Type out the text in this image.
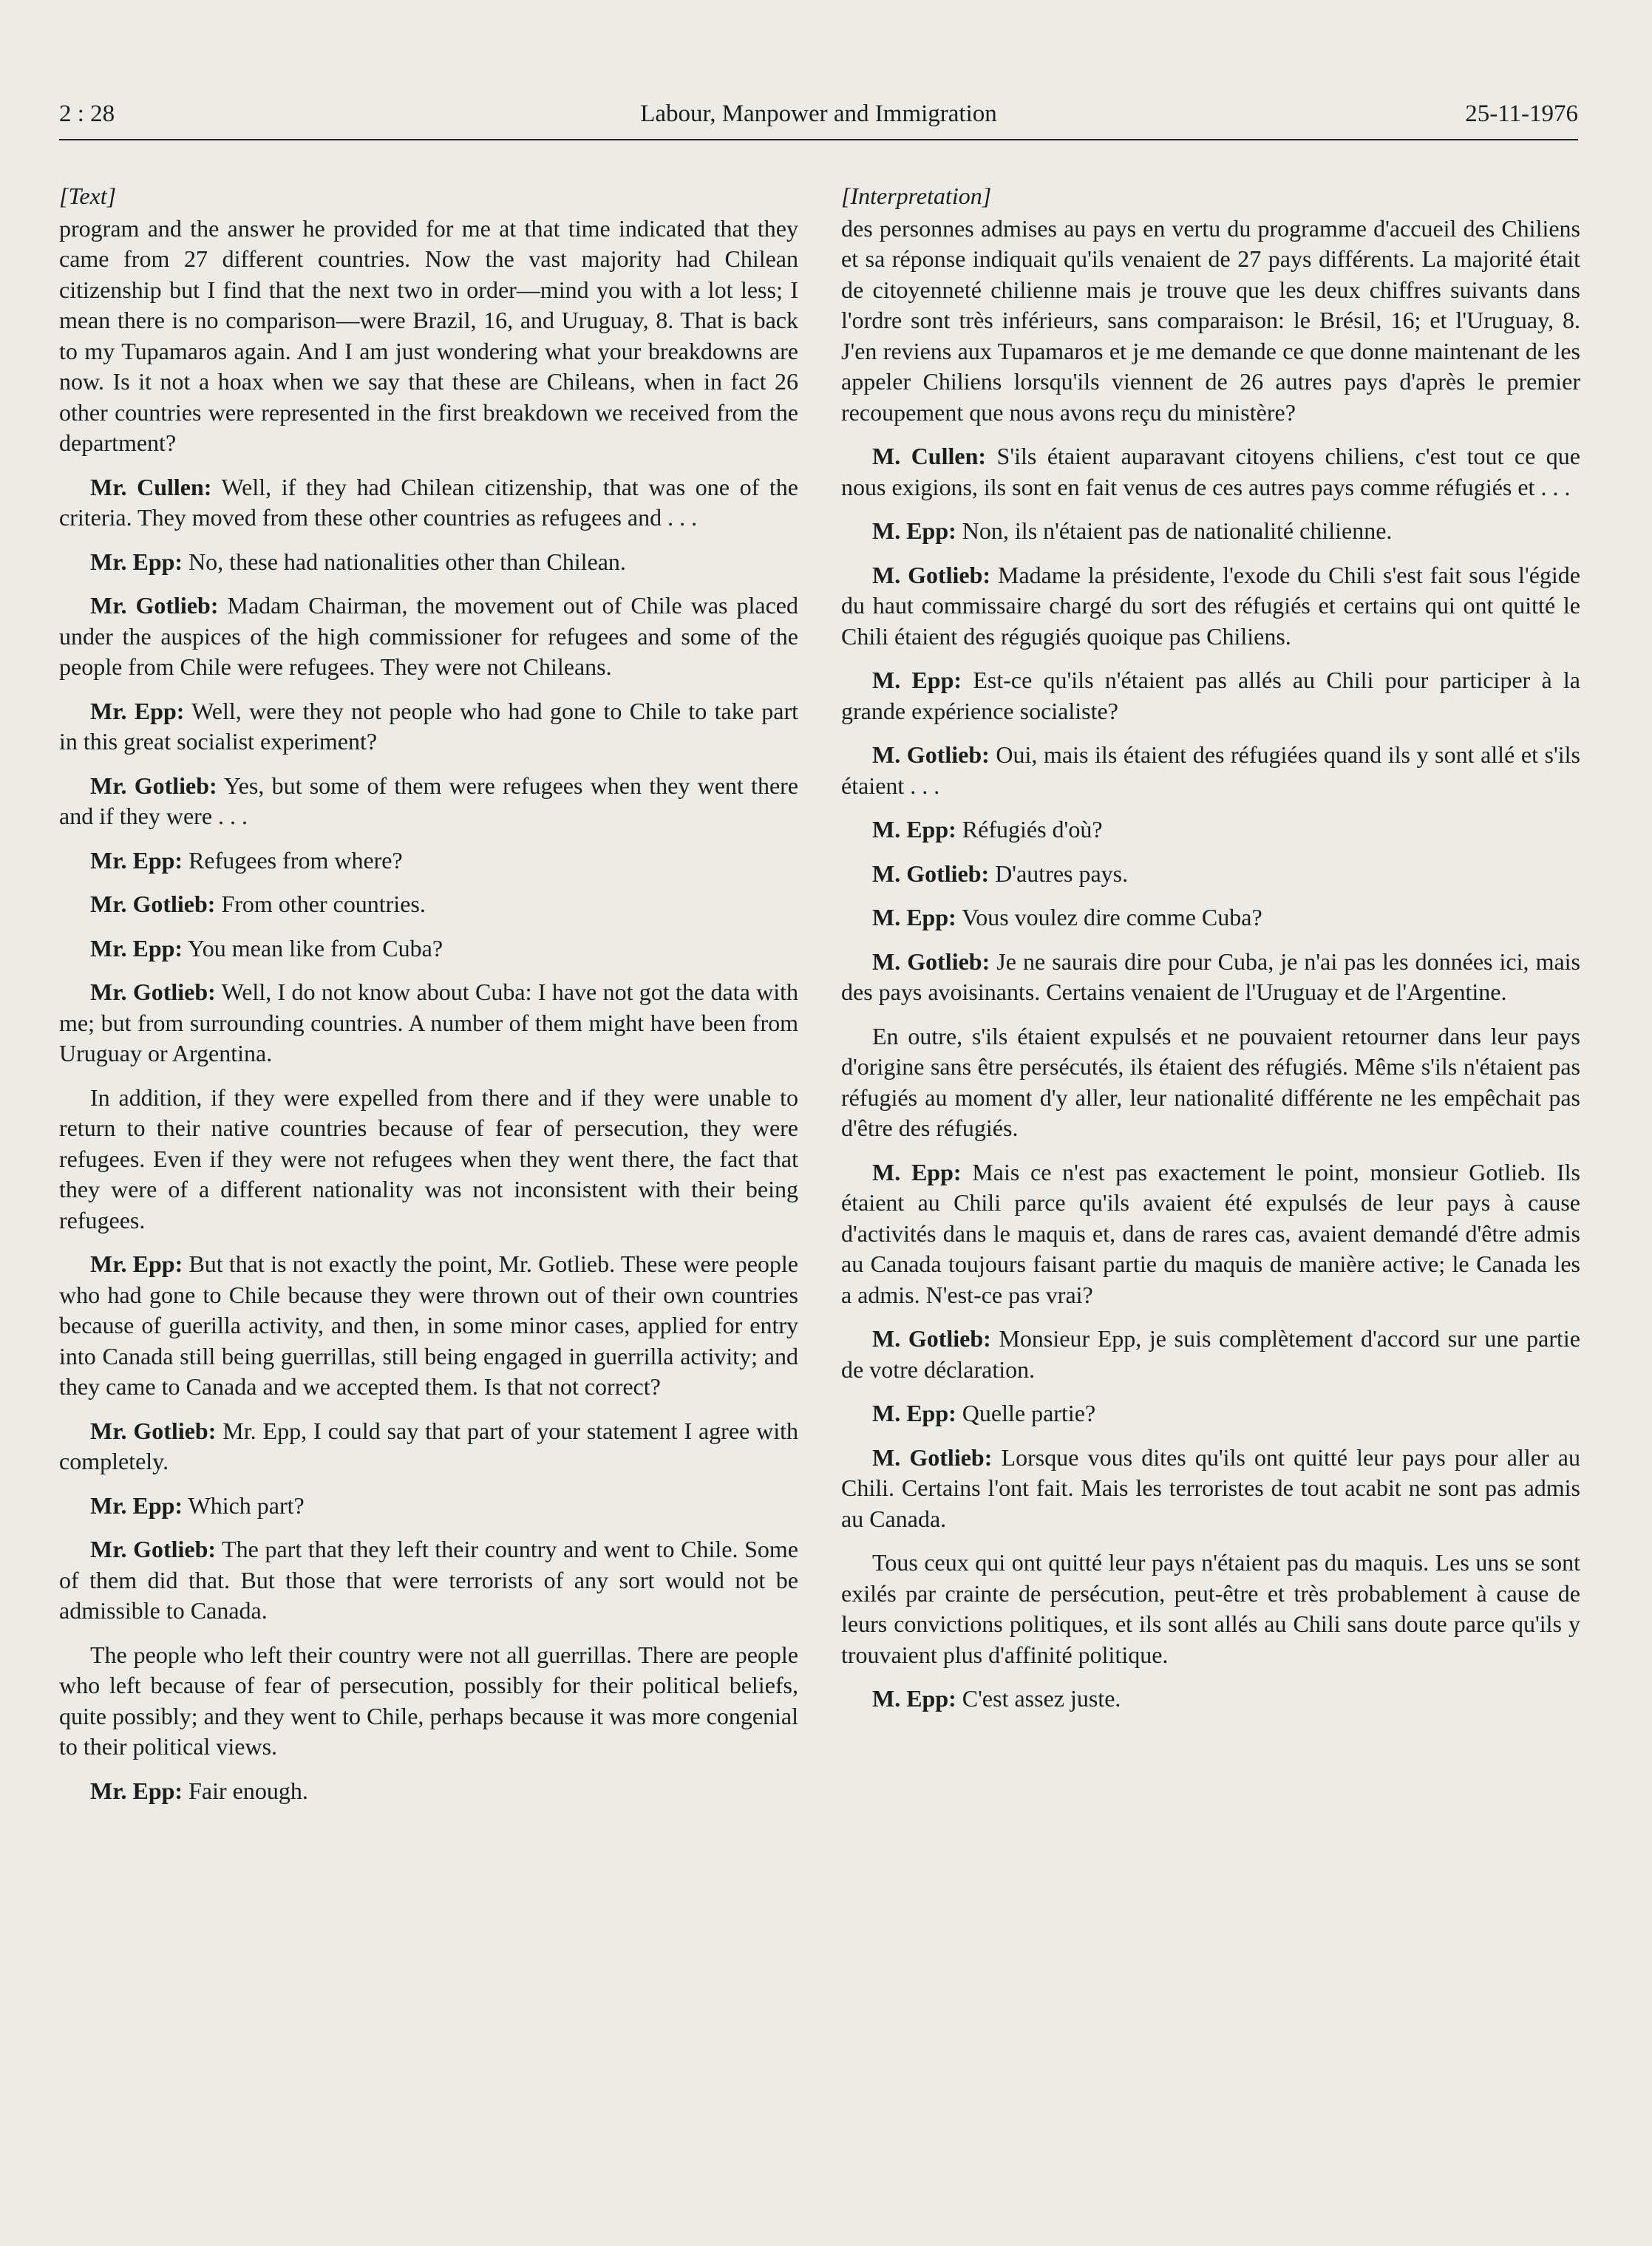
2 : 28	Labour, Manpower and Immigration	25-11-1976
[Text]

program and the answer he provided for me at that time indicated that they came from 27 different countries. Now the vast majority had Chilean citizenship but I find that the next two in order—mind you with a lot less; I mean there is no comparison—were Brazil, 16, and Uruguay, 8. That is back to my Tupamaros again. And I am just wondering what your breakdowns are now. Is it not a hoax when we say that these are Chileans, when in fact 26 other countries were represented in the first breakdown we received from the department?

Mr. Cullen: Well, if they had Chilean citizenship, that was one of the criteria. They moved from these other countries as refugees and . . .

Mr. Epp: No, these had nationalities other than Chilean.

Mr. Gotlieb: Madam Chairman, the movement out of Chile was placed under the auspices of the high commissioner for refugees and some of the people from Chile were refugees. They were not Chileans.

Mr. Epp: Well, were they not people who had gone to Chile to take part in this great socialist experiment?

Mr. Gotlieb: Yes, but some of them were refugees when they went there and if they were . . .

Mr. Epp: Refugees from where?

Mr. Gotlieb: From other countries.

Mr. Epp: You mean like from Cuba?

Mr. Gotlieb: Well, I do not know about Cuba: I have not got the data with me; but from surrounding countries. A number of them might have been from Uruguay or Argentina.

In addition, if they were expelled from there and if they were unable to return to their native countries because of fear of persecution, they were refugees. Even if they were not refugees when they went there, the fact that they were of a different nationality was not inconsistent with their being refugees.

Mr. Epp: But that is not exactly the point, Mr. Gotlieb. These were people who had gone to Chile because they were thrown out of their own countries because of guerilla activity, and then, in some minor cases, applied for entry into Canada still being guerrillas, still being engaged in guerrilla activity; and they came to Canada and we accepted them. Is that not correct?

Mr. Gotlieb: Mr. Epp, I could say that part of your statement I agree with completely.

Mr. Epp: Which part?

Mr. Gotlieb: The part that they left their country and went to Chile. Some of them did that. But those that were terrorists of any sort would not be admissible to Canada.

The people who left their country were not all guerrillas. There are people who left because of fear of persecution, possibly for their political beliefs, quite possibly; and they went to Chile, perhaps because it was more congenial to their political views.

Mr. Epp: Fair enough.

[Interpretation]

des personnes admises au pays en vertu du programme d'accueil des Chiliens et sa réponse indiquait qu'ils venaient de 27 pays différents. La majorité était de citoyenneté chilienne mais je trouve que les deux chiffres suivants dans l'ordre sont très inférieurs, sans comparaison: le Brésil, 16; et l'Uruguay, 8. J'en reviens aux Tupamaros et je me demande ce que donne maintenant de les appeler Chiliens lorsqu'ils viennent de 26 autres pays d'après le premier recoupement que nous avons reçu du ministère?

M. Cullen: S'ils étaient auparavant citoyens chiliens, c'est tout ce que nous exigions, ils sont en fait venus de ces autres pays comme réfugiés et . . .

M. Epp: Non, ils n'étaient pas de nationalité chilienne.

M. Gotlieb: Madame la présidente, l'exode du Chili s'est fait sous l'égide du haut commissaire chargé du sort des réfugiés et certains qui ont quitté le Chili étaient des régugiés quoique pas Chiliens.

M. Epp: Est-ce qu'ils n'étaient pas allés au Chili pour participer à la grande expérience socialiste?

M. Gotlieb: Oui, mais ils étaient des réfugiées quand ils y sont allé et s'ils étaient . . .

M. Epp: Réfugiés d'où?

M. Gotlieb: D'autres pays.

M. Epp: Vous voulez dire comme Cuba?

M. Gotlieb: Je ne saurais dire pour Cuba, je n'ai pas les données ici, mais des pays avoisinants. Certains venaient de l'Uruguay et de l'Argentine.

En outre, s'ils étaient expulsés et ne pouvaient retourner dans leur pays d'origine sans être persécutés, ils étaient des réfugiés. Même s'ils n'étaient pas réfugiés au moment d'y aller, leur nationalité différente ne les empêchait pas d'être des réfugiés.

M. Epp: Mais ce n'est pas exactement le point, monsieur Gotlieb. Ils étaient au Chili parce qu'ils avaient été expulsés de leur pays à cause d'activités dans le maquis et, dans de rares cas, avaient demandé d'être admis au Canada toujours faisant partie du maquis de manière active; le Canada les a admis. N'est-ce pas vrai?

M. Gotlieb: Monsieur Epp, je suis complètement d'accord sur une partie de votre déclaration.

M. Epp: Quelle partie?

M. Gotlieb: Lorsque vous dites qu'ils ont quitté leur pays pour aller au Chili. Certains l'ont fait. Mais les terroristes de tout acabit ne sont pas admis au Canada.

Tous ceux qui ont quitté leur pays n'étaient pas du maquis. Les uns se sont exilés par crainte de persécution, peut-être et très probablement à cause de leurs convictions politiques, et ils sont allés au Chili sans doute parce qu'ils y trouvaient plus d'affinité politique.

M. Epp: C'est assez juste.
